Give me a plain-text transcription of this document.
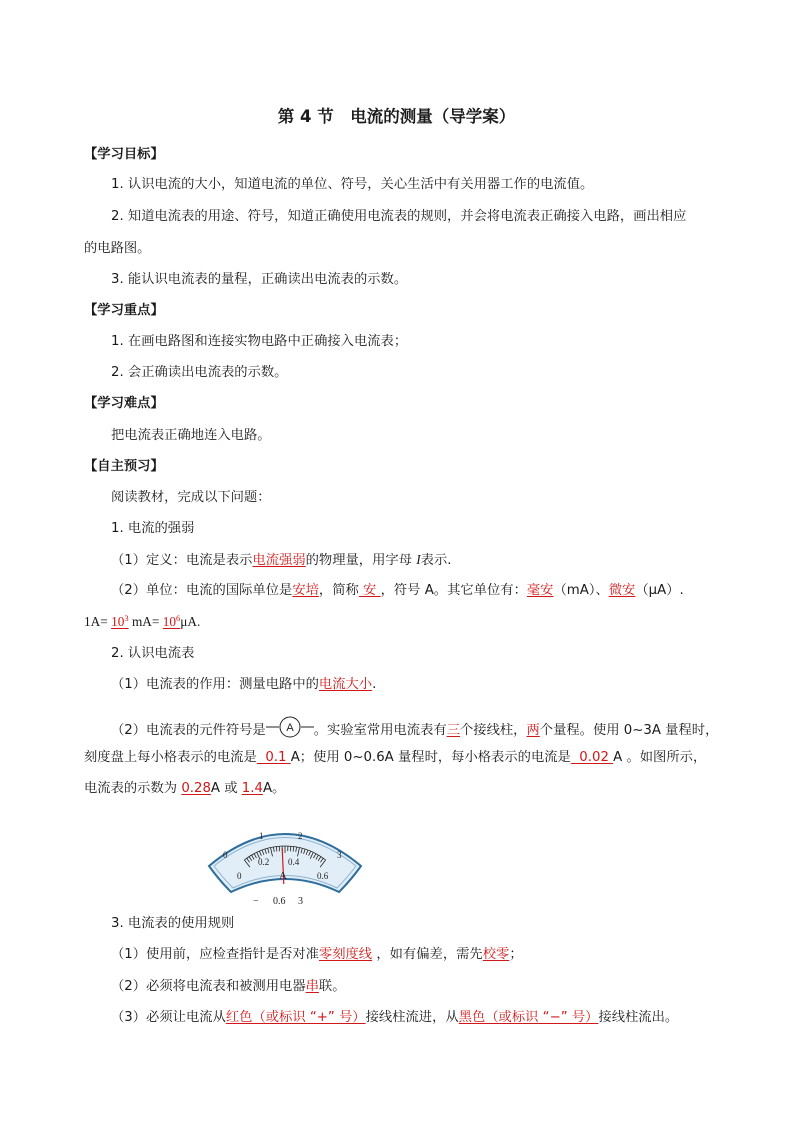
第 4 节　电流的测量（导学案）
【学习目标】
1. 认识电流的大小，知道电流的单位、符号，关心生活中有关用器工作的电流值。
2. 知道电流表的用途、符号，知道正确使用电流表的规则，并会将电流表正确接入电路，画出相应
的电路图。
3. 能认识电流表的量程，正确读出电流表的示数。
【学习重点】
1. 在画电路图和连接实物电路中正确接入电流表；
2. 会正确读出电流表的示数。
【学习难点】
把电流表正确地连入电路。
【自主预习】
阅读教材，完成以下问题：
1. 电流的强弱
（1）定义：电流是表示电流强弱的物理量，用字母 I表示.
（2）单位：电流的国际单位是安培，简称 安 ，符号 A。其它单位有：毫安（mA）、微安（μA）.
$1A= 10^3$ $mA= 10^6\mu A$.
2. 认识电流表
（1）电流表的作用：测量电路中的电流大小.
（2）电流表的元件符号是 A 。实验室常用电流表有三个接线柱，两个量程。使用 0~3A 量程时，
刻度盘上每小格表示的电流是  0.1 A；使用 0~0.6A 量程时，每小格表示的电流是  0.02 A 。如图所示，
电流表的示数为 0.28A 或 1.4A。
0
1	2
3
0
0.2 0.4
0.6
A
− 0.6 3
3. 电流表的使用规则
（1）使用前，应检查指针是否对准零刻度线 ，如有偏差，需先校零；
（2）必须将电流表和被测用电器串联。
（3）必须让电流从红色（或标识 “+” 号）接线柱流进，从黑色（或标识 “−” 号）接线柱流出。
